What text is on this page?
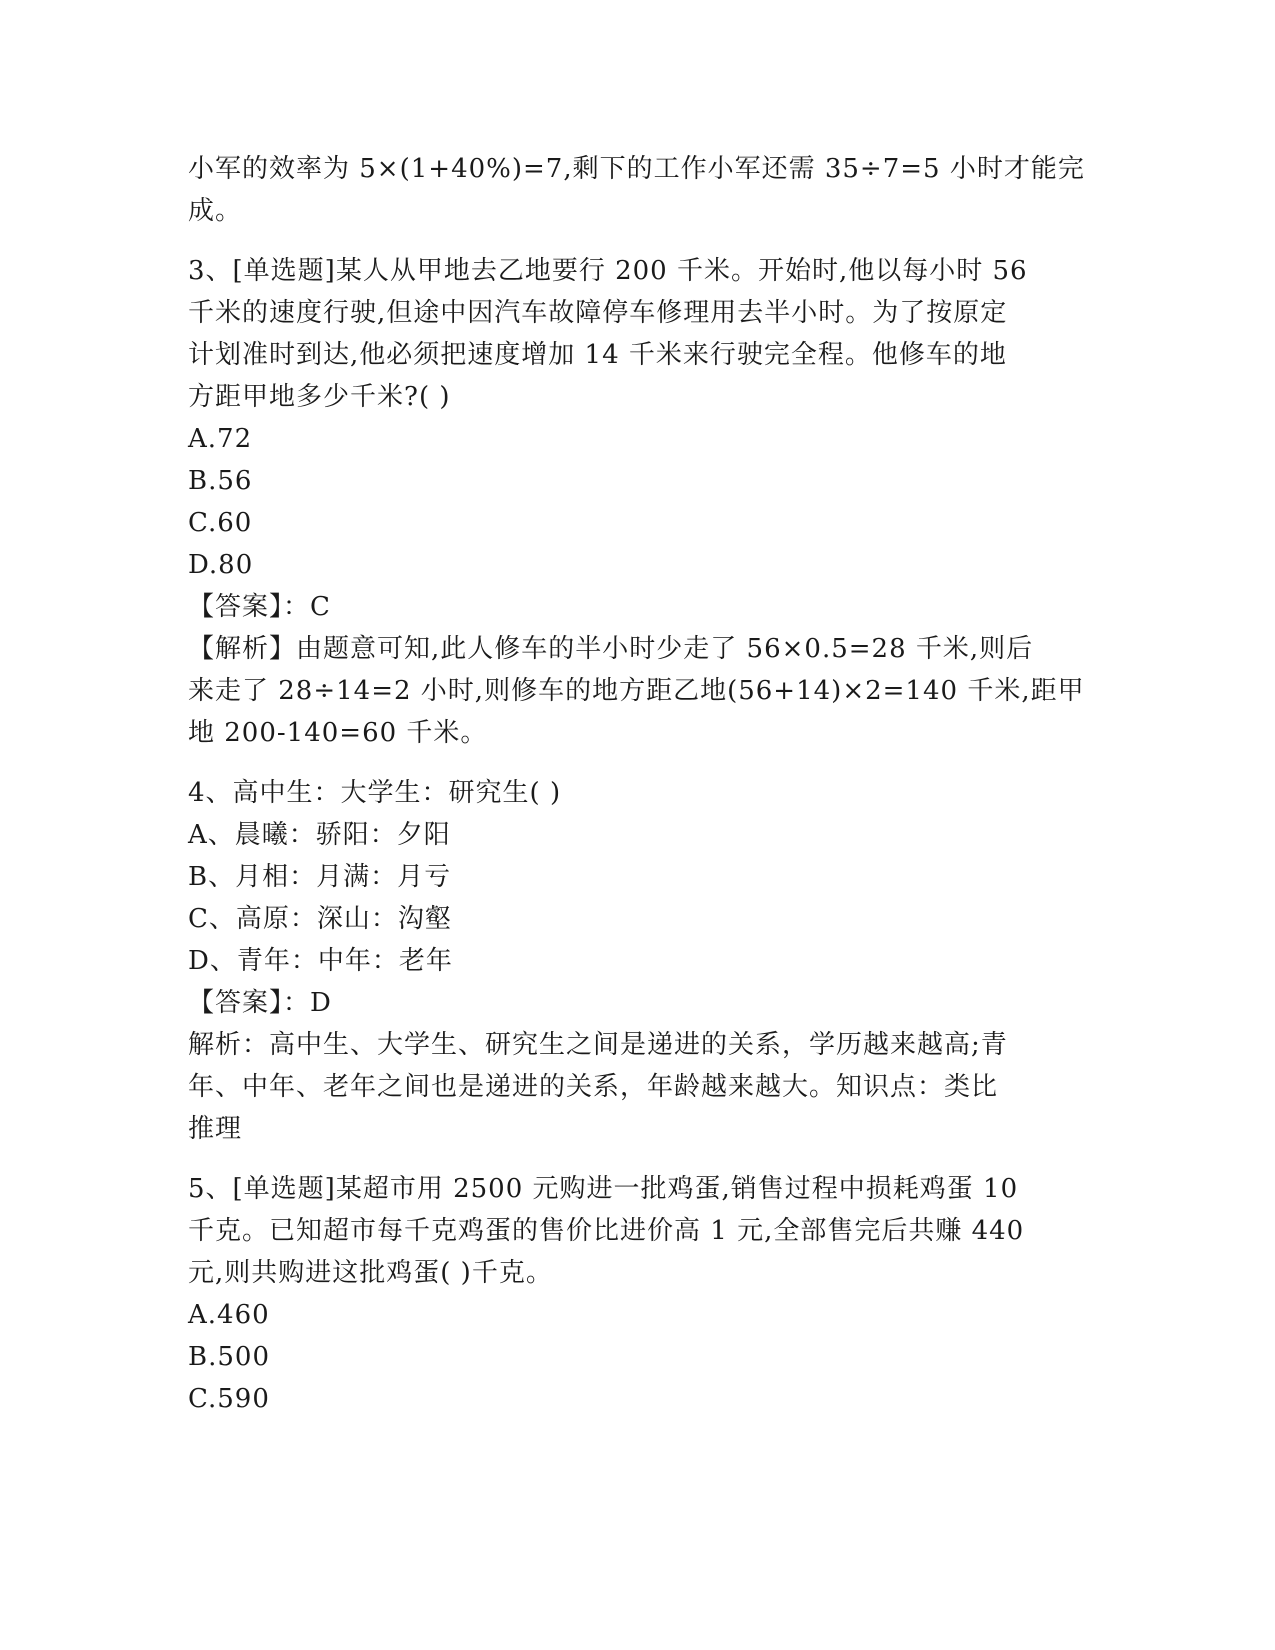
小军的效率为 5×(1+40%)=7,剩下的工作小军还需 35÷7=5 小时才能完
成。
3、[单选题]某人从甲地去乙地要行 200 千米。开始时,他以每小时 56
千米的速度行驶,但途中因汽车故障停车修理用去半小时。为了按原定
计划准时到达,他必须把速度增加 14 千米来行驶完全程。他修车的地
方距甲地多少千米?( )
A.72
B.56
C.60
D.80
【答案】：C
【解析】由题意可知,此人修车的半小时少走了 56×0.5=28 千米,则后
来走了 28÷14=2 小时,则修车的地方距乙地(56+14)×2=140 千米,距甲
地 200-140=60 千米。
4、高中生：大学生：研究生( )
A、晨曦：骄阳：夕阳
B、月相：月满：月亏
C、高原：深山：沟壑
D、青年：中年：老年
【答案】：D
解析：高中生、大学生、研究生之间是递进的关系，学历越来越高;青
年、中年、老年之间也是递进的关系，年龄越来越大。知识点：类比
推理
5、[单选题]某超市用 2500 元购进一批鸡蛋,销售过程中损耗鸡蛋 10
千克。已知超市每千克鸡蛋的售价比进价高 1 元,全部售完后共赚 440
元,则共购进这批鸡蛋( )千克。
A.460
B.500
C.590
